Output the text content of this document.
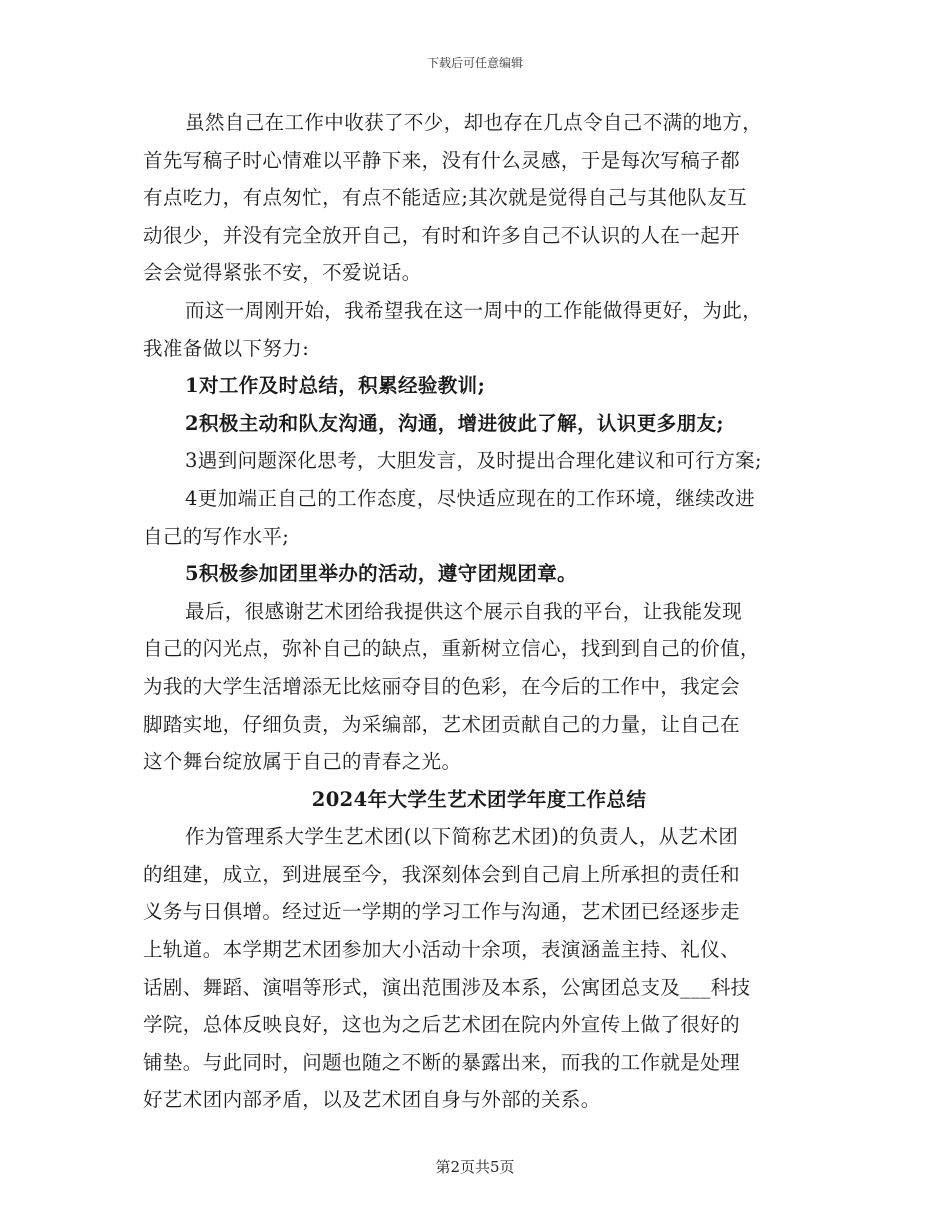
下载后可任意编辑
虽然自己在工作中收获了不少，却也存在几点令自己不满的地方，
首先写稿子时心情难以平静下来，没有什么灵感，于是每次写稿子都
有点吃力，有点匆忙，有点不能适应;其次就是觉得自己与其他队友互
动很少，并没有完全放开自己，有时和许多自己不认识的人在一起开
会会觉得紧张不安，不爱说话。
而这一周刚开始，我希望我在这一周中的工作能做得更好，为此，
我准备做以下努力:
1对工作及时总结，积累经验教训;
2积极主动和队友沟通，沟通，增进彼此了解，认识更多朋友;
3遇到问题深化思考，大胆发言，及时提出合理化建议和可行方案;
4更加端正自己的工作态度，尽快适应现在的工作环境，继续改进
自己的写作水平;
5积极参加团里举办的活动，遵守团规团章。
最后，很感谢艺术团给我提供这个展示自我的平台，让我能发现
自己的闪光点，弥补自己的缺点，重新树立信心，找到到自己的价值，
为我的大学生活增添无比炫丽夺目的色彩，在今后的工作中，我定会
脚踏实地，仔细负责，为采编部，艺术团贡献自己的力量，让自己在
这个舞台绽放属于自己的青春之光。
2024年大学生艺术团学年度工作总结
作为管理系大学生艺术团(以下简称艺术团)的负责人，从艺术团
的组建，成立，到进展至今，我深刻体会到自己肩上所承担的责任和
义务与日俱增。经过近一学期的学习工作与沟通，艺术团已经逐步走
上轨道。本学期艺术团参加大小活动十余项，表演涵盖主持、礼仪、
话剧、舞蹈、演唱等形式，演出范围涉及本系，公寓团总支及___科技
学院，总体反映良好，这也为之后艺术团在院内外宣传上做了很好的
铺垫。与此同时，问题也随之不断的暴露出来，而我的工作就是处理
好艺术团内部矛盾，以及艺术团自身与外部的关系。
第2页共5页
